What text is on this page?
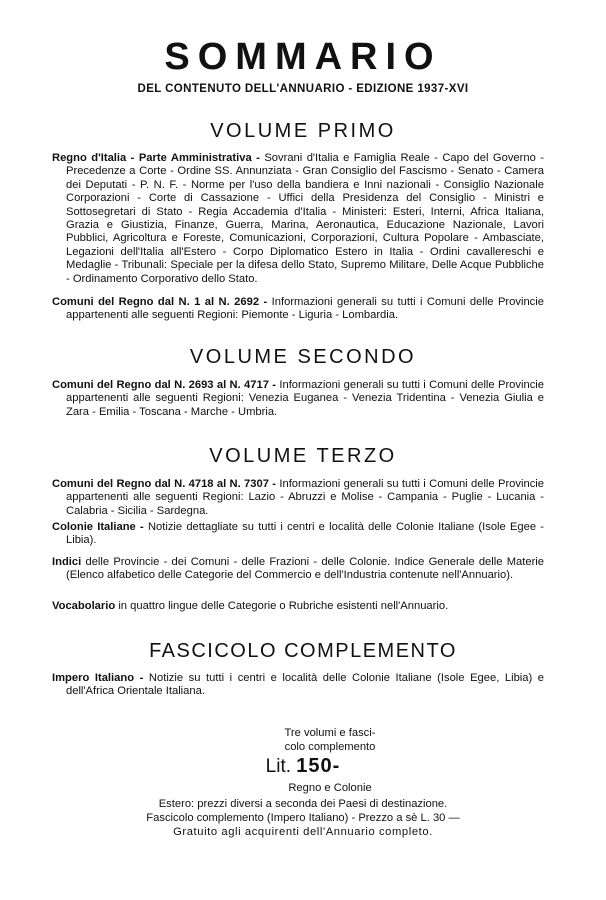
SOMMARIO
DEL CONTENUTO DELL'ANNUARIO - EDIZIONE 1937-XVI
VOLUME PRIMO
Regno d'Italia - Parte Amministrativa - Sovrani d'Italia e Famiglia Reale - Capo del Governo - Precedenze a Corte - Ordine SS. Annunziata - Gran Consiglio del Fascismo - Senato - Camera dei Deputati - P. N. F. - Norme per l'uso della bandiera e Inni nazionali - Consiglio Nazionale Corporazioni - Corte di Cassazione - Uffici della Presidenza del Consiglio - Ministri e Sottosegretari di Stato - Regia Accademia d'Italia - Ministeri: Esteri, Interni, Africa Italiana, Grazia e Giustizia, Finanze, Guerra, Marina, Aeronautica, Educazione Nazionale, Lavori Pubblici, Agricoltura e Foreste, Comunicazioni, Corporazioni, Cultura Popolare - Ambasciate, Legazioni dell'Italia all'Estero - Corpo Diplomatico Estero in Italia - Ordini cavallereschi e Medaglie - Tribunali: Speciale per la difesa dello Stato, Supremo Militare, Delle Acque Pubbliche - Ordinamento Corporativo dello Stato.
Comuni del Regno dal N. 1 al N. 2692 - Informazioni generali su tutti i Comuni delle Provincie appartenenti alle seguenti Regioni: Piemonte - Liguria - Lombardia.
VOLUME SECONDO
Comuni del Regno dal N. 2693 al N. 4717 - Informazioni generali su tutti i Comuni delle Provincie appartenenti alle seguenti Regioni: Venezia Euganea - Venezia Tridentina - Venezia Giulia e Zara - Emilia - Toscana - Marche - Umbria.
VOLUME TERZO
Comuni del Regno dal N. 4718 al N. 7307 - Informazioni generali su tutti i Comuni delle Provincie appartenenti alle seguenti Regioni: Lazio - Abruzzi e Molise - Campania - Puglie - Lucania - Calabria - Sicilia - Sardegna.
Colonie Italiane - Notizie dettagliate su tutti i centri e località delle Colonie Italiane (Isole Egee - Libia).
Indici delle Provincie - dei Comuni - delle Frazioni - delle Colonie. Indice Generale delle Materie (Elenco alfabetico delle Categorie del Commercio e dell'Industria contenute nell'Annuario).
Vocabolario in quattro lingue delle Categorie o Rubriche esistenti nell'Annuario.
FASCICOLO COMPLEMENTO
Impero Italiano - Notizie su tutti i centri e località delle Colonie Italiane (Isole Egee, Libia) e dell'Africa Orientale Italiana.
Tre volumi e fasci-
colo complemento
Lit. 150-
Regno e Colonie
Estero: prezzi diversi a seconda dei Paesi di destinazione.
Fascicolo complemento (Impero Italiano) - Prezzo a sè L. 30 —
Gratuito agli acquirenti dell'Annuario completo.
